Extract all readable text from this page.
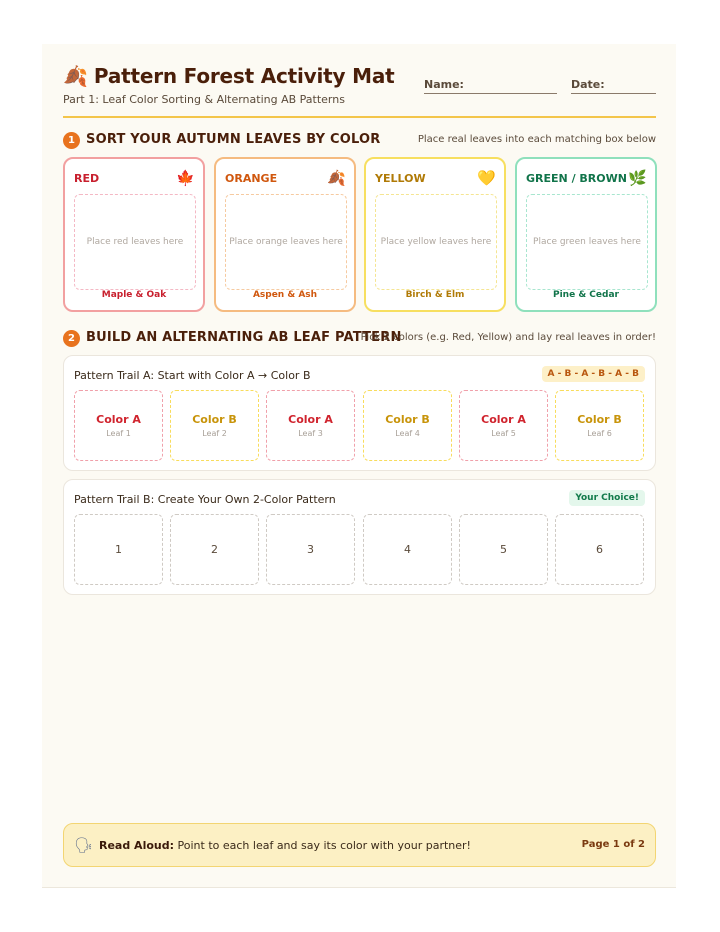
🍂 Pattern Forest Activity Mat
Part 1: Leaf Color Sorting & Alternating AB Patterns
Name:	Date:
1 SORT YOUR AUTUMN LEAVES BY COLOR	Place real leaves into each matching box below
RED	🍁
Place red leaves here
Maple & Oak
ORANGE	🍂
Place orange leaves here
Aspen & Ash
YELLOW	💛
Place yellow leaves here
Birch & Elm
GREEN / BROWN 🌿
Place green leaves here
Pine & Cedar
2 BUILD AN ALTERNATING AB LEAF PATTERN
Pick 2 colors (e.g. Red, Yellow) and lay real leaves in order!
Pattern Trail A: Start with Color A → Color B	A - B - A - B - A - B
Color A
Leaf 1
Color B
Leaf 2
Color A
Leaf 3
Color B
Leaf 4
Color A
Leaf 5
Color B
Leaf 6
Pattern Trail B: Create Your Own 2-Color Pattern	Your Choice!
1	2	3	4	5	6
🗣 Read Aloud: Point to each leaf and say its color with your partner!	Page 1 of 2
